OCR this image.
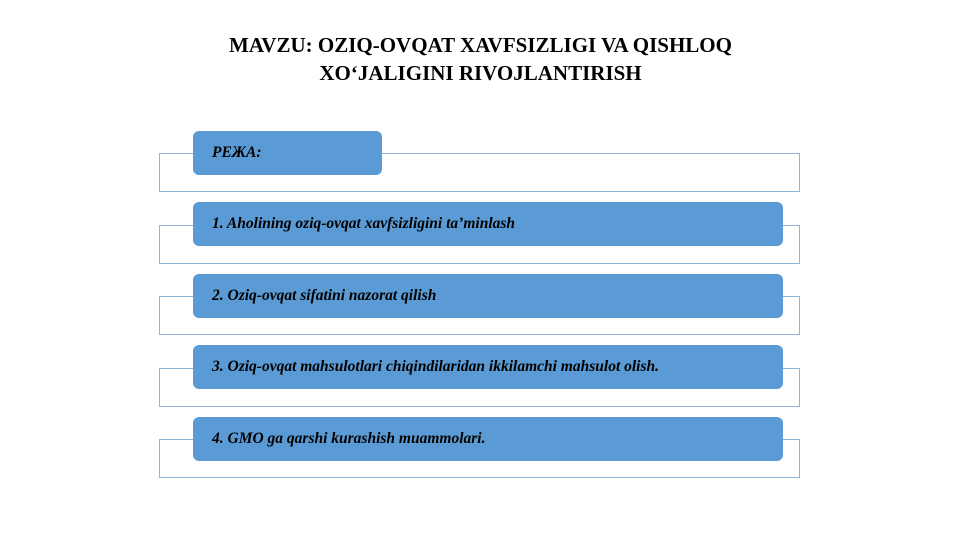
MAVZU: OZIQ-OVQAT XAVFSIZLIGI VA QISHLOQ
XO‘JALIGINI RIVOJLANTIRISH
РЕЖА:
1. Aholining oziq-ovqat xavfsizligini ta’minlash
2. Oziq-ovqat sifatini nazorat qilish
3. Oziq-ovqat mahsulotlari chiqindilaridan ikkilamchi mahsulot olish.
4. GMO ga qarshi kurashish muammolari.
